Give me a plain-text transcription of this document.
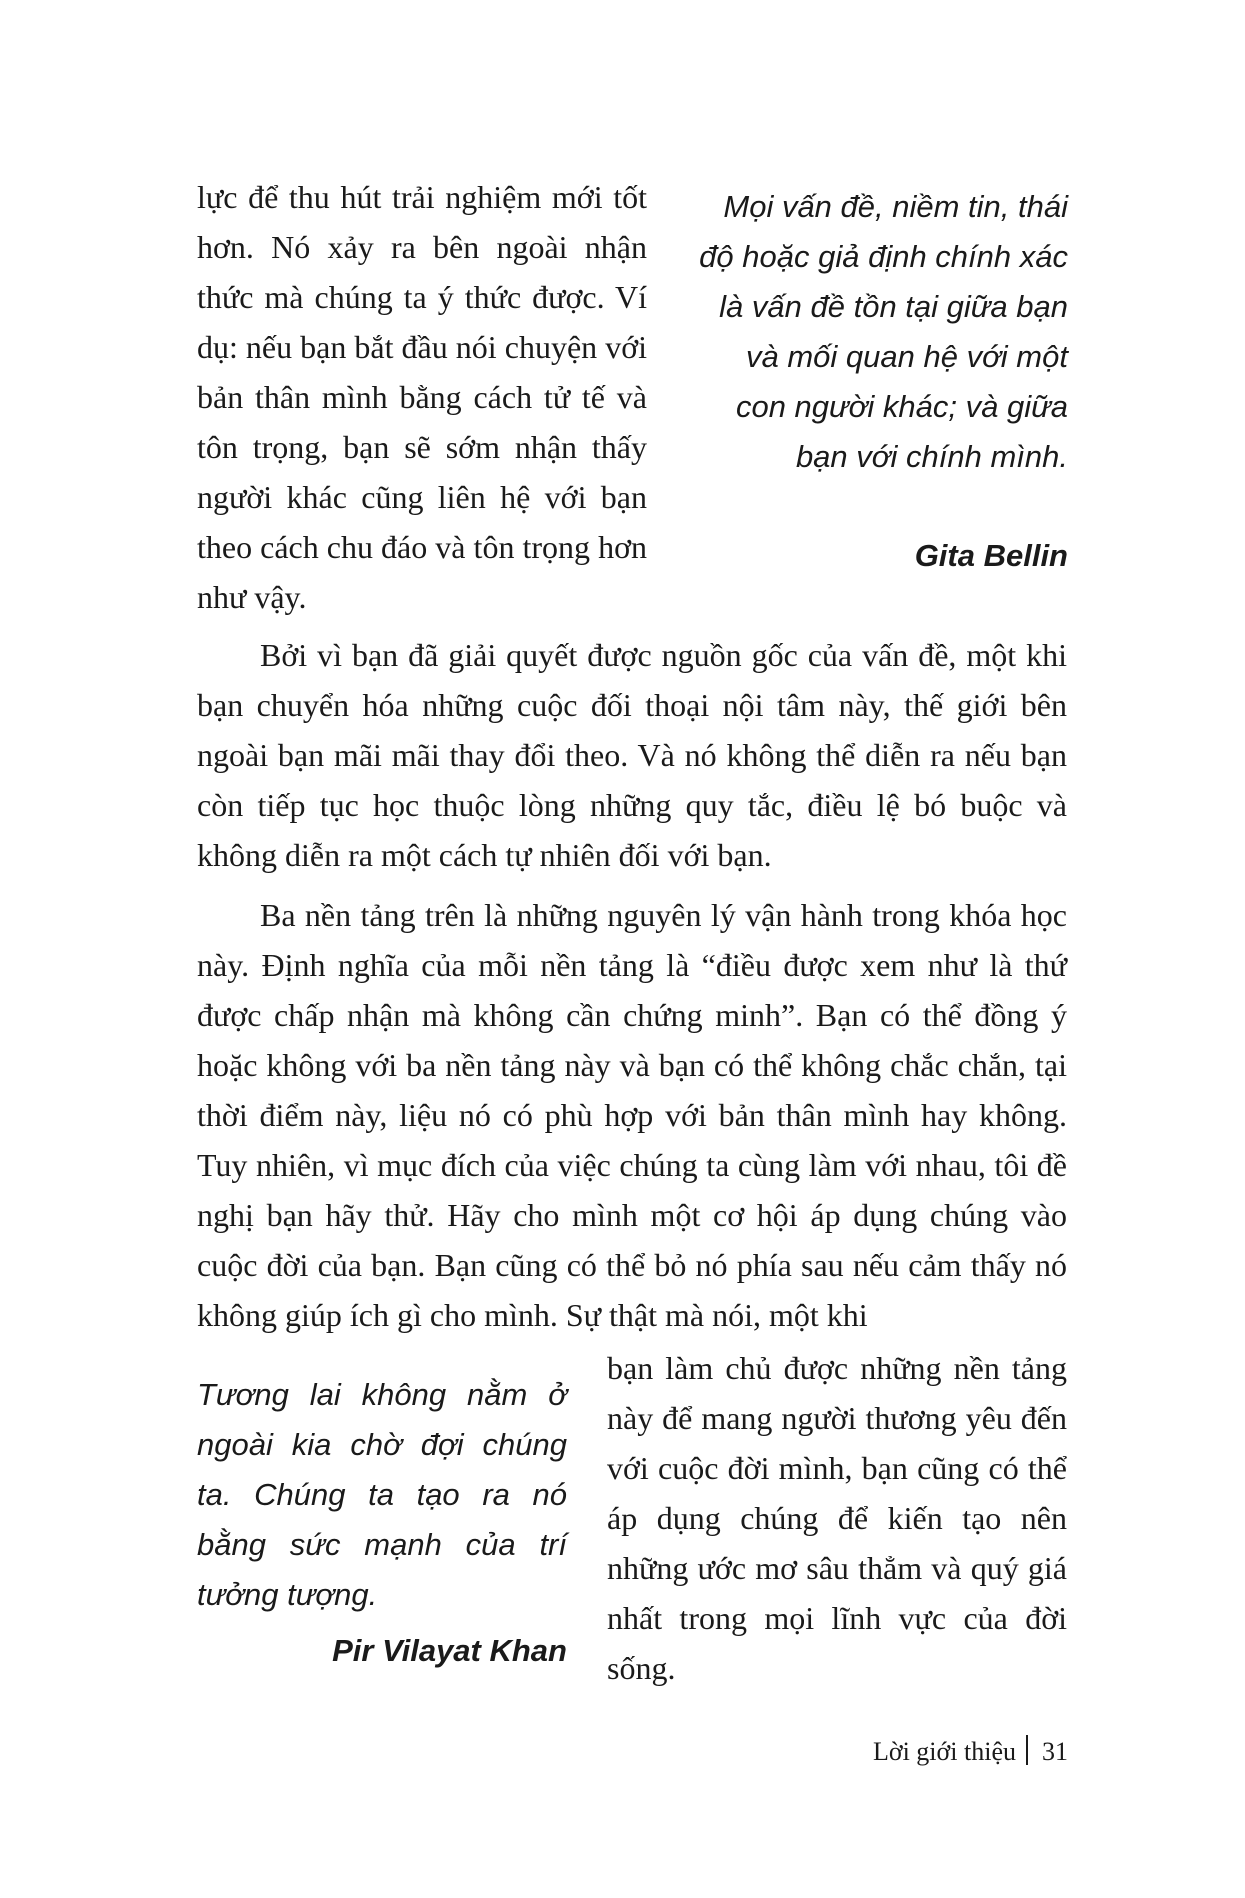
lực để thu hút trải nghiệm mới tốt hơn. Nó xảy ra bên ngoài nhận thức mà chúng ta ý thức được. Ví dụ: nếu bạn bắt đầu nói chuyện với bản thân mình bằng cách tử tế và tôn trọng, bạn sẽ sớm nhận thấy người khác cũng liên hệ với bạn theo cách chu đáo và tôn trọng hơn như vậy.

Mọi vấn đề, niềm tin, thái độ hoặc giả định chính xác là vấn đề tồn tại giữa bạn và mối quan hệ với một con người khác; và giữa bạn với chính mình.

Gita Bellin

Bởi vì bạn đã giải quyết được nguồn gốc của vấn đề, một khi bạn chuyển hóa những cuộc đối thoại nội tâm này, thế giới bên ngoài bạn mãi mãi thay đổi theo. Và nó không thể diễn ra nếu bạn còn tiếp tục học thuộc lòng những quy tắc, điều lệ bó buộc và không diễn ra một cách tự nhiên đối với bạn.

Ba nền tảng trên là những nguyên lý vận hành trong khóa học này. Định nghĩa của mỗi nền tảng là “điều được xem như là thứ được chấp nhận mà không cần chứng minh”. Bạn có thể đồng ý hoặc không với ba nền tảng này và bạn có thể không chắc chắn, tại thời điểm này, liệu nó có phù hợp với bản thân mình hay không. Tuy nhiên, vì mục đích của việc chúng ta cùng làm với nhau, tôi đề nghị bạn hãy thử. Hãy cho mình một cơ hội áp dụng chúng vào cuộc đời của bạn. Bạn cũng có thể bỏ nó phía sau nếu cảm thấy nó không giúp ích gì cho mình. Sự thật mà nói, một khi

Tương lai không nằm ở ngoài kia chờ đợi chúng ta. Chúng ta tạo ra nó bằng sức mạnh của trí tưởng tượng.

Pir Vilayat Khan

bạn làm chủ được những nền tảng này để mang người thương yêu đến với cuộc đời mình, bạn cũng có thể áp dụng chúng để kiến tạo nên những ước mơ sâu thẳm và quý giá nhất trong mọi lĩnh vực của đời sống.

Lời giới thiệu 31
